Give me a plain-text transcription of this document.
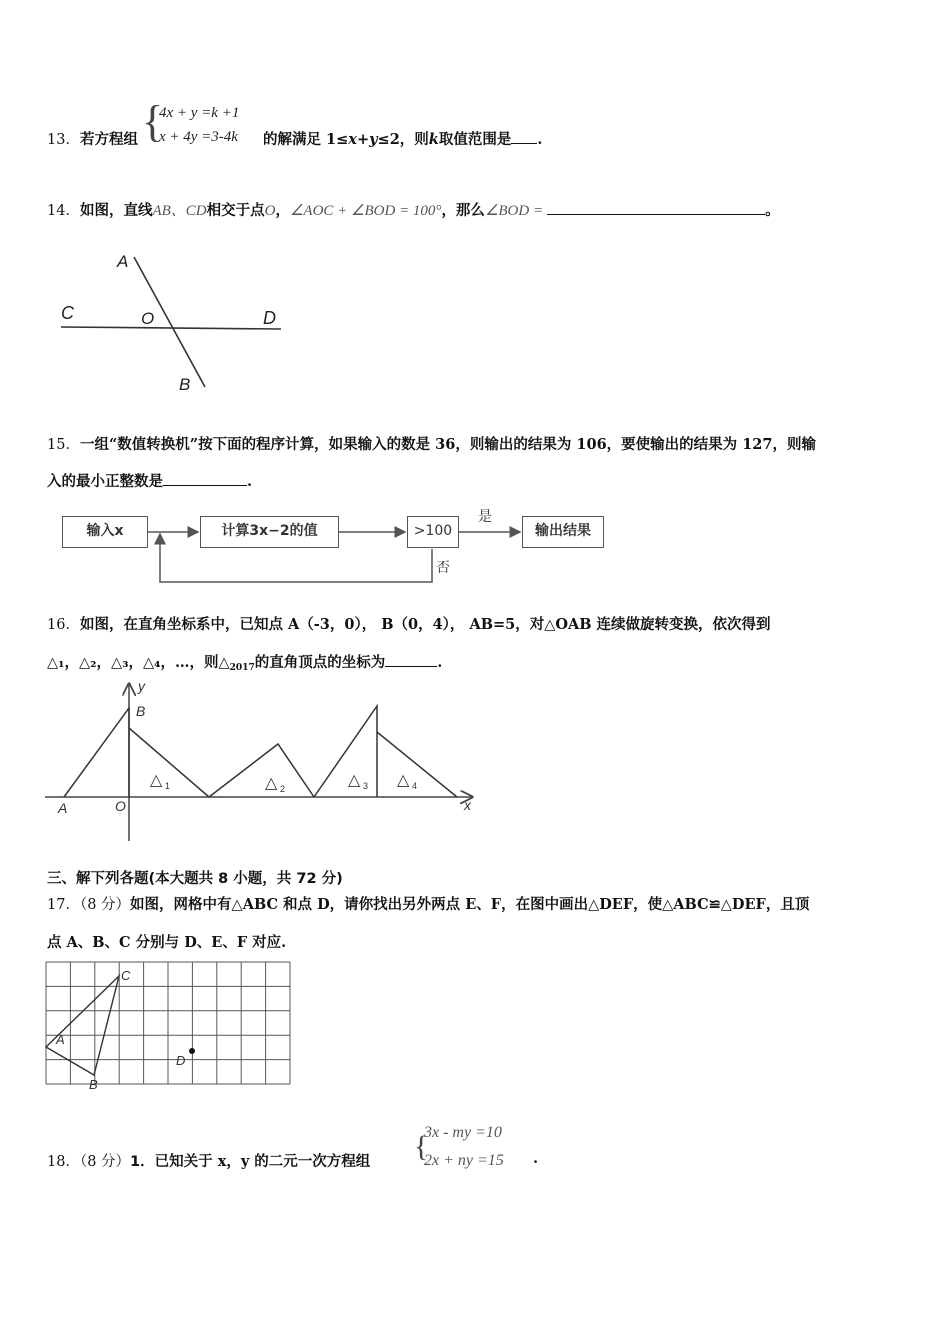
13．若方程组 {
4x + y =k +1
x + 4y =3-4k 的解满足 1≤x+y≤2，则k取值范围是 .
14．如图，直线AB、CD相交于点O，∠AOC + ∠BOD = 100°，那么∠BOD =	。
A
C	O	D
B
15．一组“数值转换机”按下面的程序计算，如果输入的数是 36，则输出的结果为 106，要使输出的结果为 127，则输
入的最小正整数是	.
输入x	计算3x−2的值	>100	输出结果
是
否
16．如图，在直角坐标系中，已知点 A（-3，0）， B（0，4）， AB=5，对△OAB 连续做旋转变换，依次得到
△₁，△₂，△₃，△₄，…，则$\triangle_{2017}$的直角顶点的坐标为	.
y
B
A	O	x
△ 1	△ 2	△ 3 △ 4
三、解下列各题(本大题共 8 小题，共 72 分)
17．（8 分）如图，网格中有△ABC 和点 D，请你找出另外两点 E、F，在图中画出△DEF，使△ABC≌△DEF，且顶
点 A、B、C 分别与 D、E、F 对应.
C
A
D
B
18．（8 分）1．已知关于 x，y 的二元一次方程组 {
3x - my =10
2x + ny =15 .
